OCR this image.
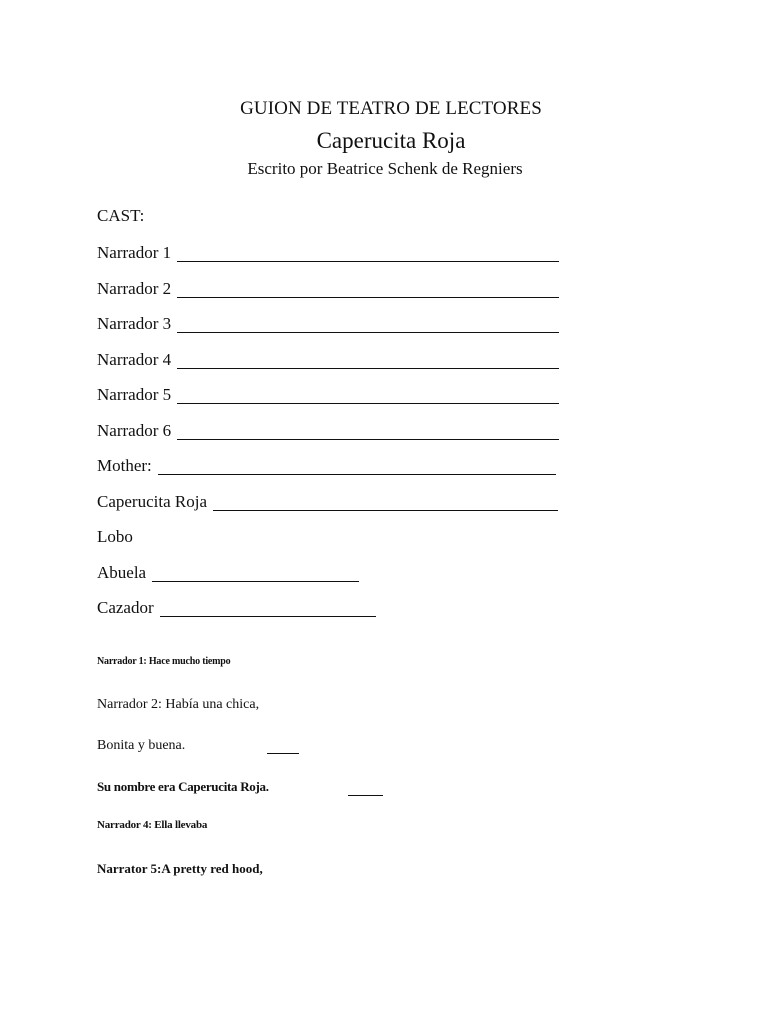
GUION DE TEATRO DE LECTORES
Caperucita Roja
Escrito por Beatrice Schenk de Regniers
CAST:
Narrador 1
Narrador 2
Narrador 3
Narrador 4
Narrador 5
Narrador 6
Mother:
Caperucita Roja
Lobo
Abuela
Cazador
Narrador 1: Hace mucho tiempo
Narrador 2: Había una chica,
Bonita y buena.
Su nombre era Caperucita Roja.
Narrador 4: Ella llevaba
Narrator 5:A pretty red hood,
